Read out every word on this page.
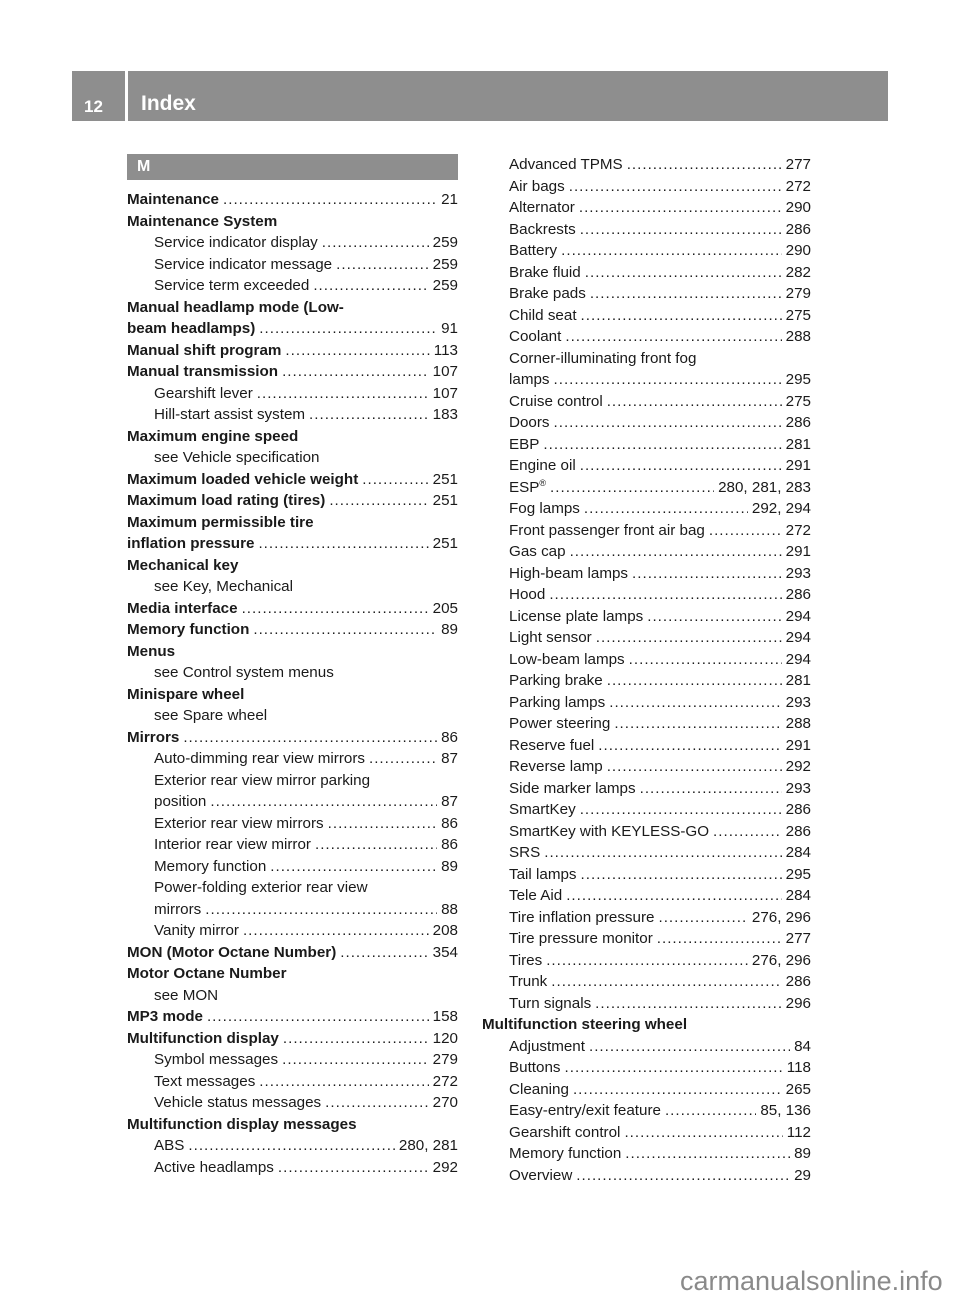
12	Index
M
Maintenance .....	21
Maintenance System
Service indicator display .....	259
Service indicator message .....	259
Service term exceeded .....	259
Manual headlamp mode (Low-
beam headlamps) .....	91
Manual shift program .....	113
Manual transmission .....	107
Gearshift lever .....	107
Hill-start assist system .....	183
Maximum engine speed
see Vehicle specification
Maximum loaded vehicle weight .....	251
Maximum load rating (tires) .....	251
Maximum permissible tire
inflation pressure .....	251
Mechanical key
see Key, Mechanical
Media interface .....	205
Memory function .....	89
Menus
see Control system menus
Minispare wheel
see Spare wheel
Mirrors .....	86
Auto-dimming rear view mirrors .....	87
Exterior rear view mirror parking
position .....	87
Exterior rear view mirrors .....	86
Interior rear view mirror .....	86
Memory function .....	89
Power-folding exterior rear view
mirrors .....	88
Vanity mirror .....	208
MON (Motor Octane Number) .....	354
Motor Octane Number
see MON
MP3 mode .....	158
Multifunction display .....	120
Symbol messages .....	279
Text messages .....	272
Vehicle status messages .....	270
Multifunction display messages
ABS .....	280, 281
Active headlamps .....	292
Advanced TPMS .....	277
Air bags .....	272
Alternator .....	290
Backrests .....	286
Battery .....	290
Brake fluid .....	282
Brake pads .....	279
Child seat .....	275
Coolant .....	288
Corner-illuminating front fog
lamps .....	295
Cruise control .....	275
Doors .....	286
EBP .....	281
Engine oil .....	291
ESP® .....	280, 281, 283
Fog lamps .....	292, 294
Front passenger front air bag .....	272
Gas cap .....	291
High-beam lamps .....	293
Hood .....	286
License plate lamps .....	294
Light sensor .....	294
Low-beam lamps .....	294
Parking brake .....	281
Parking lamps .....	293
Power steering .....	288
Reserve fuel .....	291
Reverse lamp .....	292
Side marker lamps .....	293
SmartKey .....	286
SmartKey with KEYLESS-GO .....	286
SRS .....	284
Tail lamps .....	295
Tele Aid .....	284
Tire inflation pressure .....	276, 296
Tire pressure monitor .....	277
Tires .....	276, 296
Trunk .....	286
Turn signals .....	296
Multifunction steering wheel
Adjustment .....	84
Buttons .....	118
Cleaning .....	265
Easy-entry/exit feature .....	85, 136
Gearshift control .....	112
Memory function .....	89
Overview .....	29
carmanualsonline.info
